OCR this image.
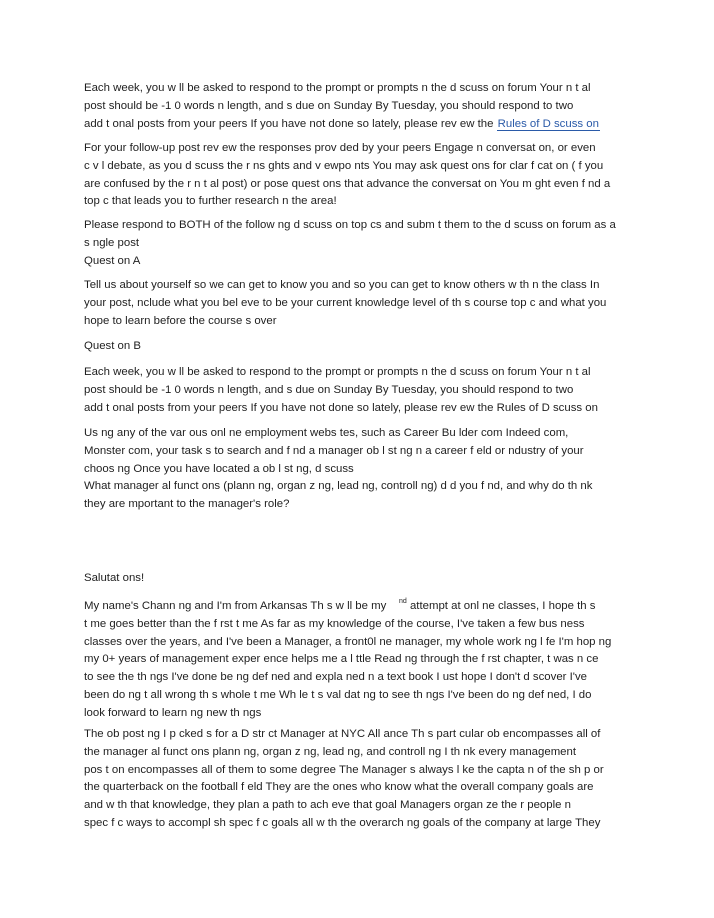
Each week, you w ll be asked to respond to the prompt or prompts n the d scuss on forum Your n t al
post should be -1 0 words n length, and s due on Sunday By Tuesday, you should respond to two
add t onal posts from your peers If you have not done so lately, please rev ew the Rules of D scuss on

For your follow-up post rev ew the responses prov ded by your peers Engage n conversat on, or even
c v l debate, as you d scuss the r ns ghts and v ewpo nts You may ask quest ons for clar f cat on ( f you
are confused by the r n t al post) or pose quest ons that advance the conversat on You m ght even f nd a
top c that leads you to further research n the area!

Please respond to BOTH of the follow ng d scuss on top cs and subm t them to the d scuss on forum as a
s ngle post
Quest on A

Tell us about yourself so we can get to know you and so you can get to know others w th n the class In
your post, nclude what you bel eve to be your current knowledge level of th s course top c and what you
hope to learn before the course s over

Quest on B

Each week, you w ll be asked to respond to the prompt or prompts n the d scuss on forum Your n t al
post should be -1 0 words n length, and s due on Sunday By Tuesday, you should respond to two
add t onal posts from your peers If you have not done so lately, please rev ew the Rules of D scuss on

Us ng any of the var ous onl ne employment webs tes, such as Career Bu lder com Indeed com,
Monster com, your task s to search and f nd a manager ob l st ng n a career f eld or ndustry of your
choos ng Once you have located a ob l st ng, d scuss
What manager al funct ons (plann ng, organ z ng, lead ng, controll ng) d d you f nd, and why do th nk
they are mportant to the manager's role?

Salutat ons!

My name's Chann ng and I'm from Arkansas Th s w ll be my $^{nd}$ attempt at onl ne classes, I hope th s
t me goes better than the f rst t me As far as my knowledge of the course, I've taken a few bus ness
classes over the years, and I've been a Manager, a front0l ne manager, my whole work ng l fe I'm hop ng
my 0+ years of management exper ence helps me a l ttle Read ng through the f rst chapter, t was n ce
to see the th ngs I've done be ng def ned and expla ned n a text book I ust hope I don't d scover I've
been do ng t all wrong th s whole t me Wh le t s val dat ng to see th ngs I've been do ng def ned, I do
look forward to learn ng new th ngs

The ob post ng I p cked s for a D str ct Manager at NYC All ance Th s part cular ob encompasses all of
the manager al funct ons plann ng, organ z ng, lead ng, and controll ng I th nk every management
pos t on encompasses all of them to some degree The Manager s always l ke the capta n of the sh p or
the quarterback on the football f eld They are the ones who know what the overall company goals are
and w th that knowledge, they plan a path to ach eve that goal Managers organ ze the r people n
spec f c ways to accompl sh spec f c goals all w th the overarch ng goals of the company at large They
